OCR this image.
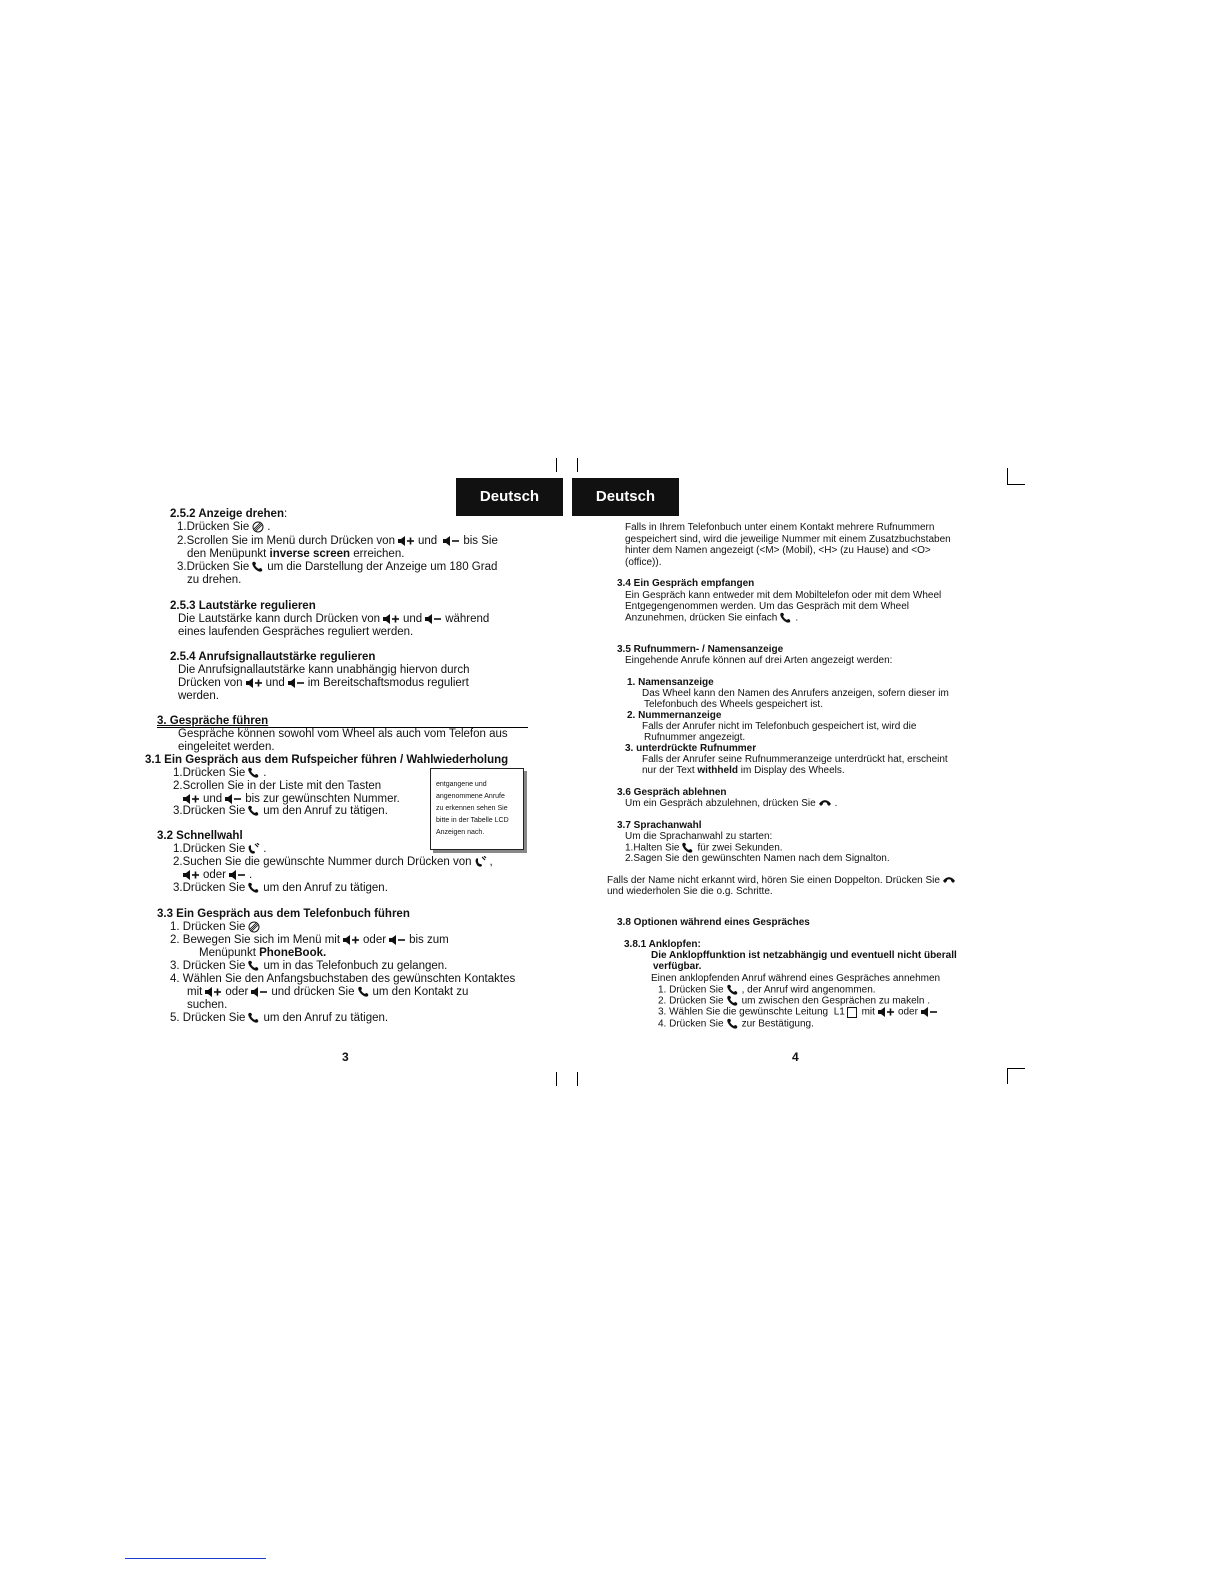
Deutsch	Deutsch
2.5.2 Anzeige drehen:
1.Drücken Sie .
2.Scrollen Sie im Menü durch Drücken von und bis Sie
den Menüpunkt inverse screen erreichen.
3.Drücken Sie um die Darstellung der Anzeige um 180 Grad
zu drehen.
2.5.3 Lautstärke regulieren
Die Lautstärke kann durch Drücken von und während
eines laufenden Gespräches reguliert werden.
2.5.4 Anrufsignallautstärke regulieren
Die Anrufsignallautstärke kann unabhängig hiervon durch
Drücken von und im Bereitschaftsmodus reguliert
werden.
3. Gespräche führen
Gespräche können sowohl vom Wheel als auch vom Telefon aus
eingeleitet werden.
3.1 Ein Gespräch aus dem Rufspeicher führen / Wahlwiederholung
1.Drücken Sie .
2.Scrollen Sie in der Liste mit den Tasten
und bis zur gewünschten Nummer.
3.Drücken Sie um den Anruf zu tätigen.
entgangene und
angenommene Anrufe
zu erkennen sehen Sie
bitte in der Tabelle LCD
Anzeigen nach.
3.2 Schnellwahl
1.Drücken Sie .
2.Suchen Sie die gewünschte Nummer durch Drücken von ,
oder .
3.Drücken Sie um den Anruf zu tätigen.
3.3 Ein Gespräch aus dem Telefonbuch führen
1. Drücken Sie
2. Bewegen Sie sich im Menü mit oder bis zum
Menüpunkt PhoneBook.
3. Drücken Sie um in das Telefonbuch zu gelangen.
4. Wählen Sie den Anfangsbuchstaben des gewünschten Kontaktes
mit oder und drücken Sie um den Kontakt zu
suchen.
5. Drücken Sie um den Anruf zu tätigen.
3
Falls in Ihrem Telefonbuch unter einem Kontakt mehrere Rufnummern
gespeichert sind, wird die jeweilige Nummer mit einem Zusatzbuchstaben
hinter dem Namen angezeigt (<M> (Mobil), <H> (zu Hause) and <O>
(office)).
3.4 Ein Gespräch empfangen
Ein Gespräch kann entweder mit dem Mobiltelefon oder mit dem Wheel
Entgegengenommen werden. Um das Gespräch mit dem Wheel
Anzunehmen, drücken Sie einfach .
3.5 Rufnummern- / Namensanzeige
Eingehende Anrufe können auf drei Arten angezeigt werden:
1. Namensanzeige
Das Wheel kann den Namen des Anrufers anzeigen, sofern dieser im
Telefonbuch des Wheels gespeichert ist.
2. Nummernanzeige
Falls der Anrufer nicht im Telefonbuch gespeichert ist, wird die
Rufnummer angezeigt.
3. unterdrückte Rufnummer
Falls der Anrufer seine Rufnummeranzeige unterdrückt hat, erscheint
nur der Text withheld im Display des Wheels.
3.6 Gespräch ablehnen
Um ein Gespräch abzulehnen, drücken Sie .
3.7 Sprachanwahl
Um die Sprachanwahl zu starten:
1.Halten Sie für zwei Sekunden.
2.Sagen Sie den gewünschten Namen nach dem Signalton.
Falls der Name nicht erkannt wird, hören Sie einen Doppelton. Drücken Sie
und wiederholen Sie die o.g. Schritte.
3.8 Optionen während eines Gespräches
3.8.1 Anklopfen:
Die Anklopffunktion ist netzabhängig und eventuell nicht überall
verfügbar.
Einen anklopfenden Anruf während eines Gespräches annehmen
1. Drücken Sie , der Anruf wird angenommen.
2. Drücken Sie um zwischen den Gesprächen zu makeln .
3. Wählen Sie die gewünschte Leitung L1 mit oder
4. Drücken Sie zur Bestätigung.
4
